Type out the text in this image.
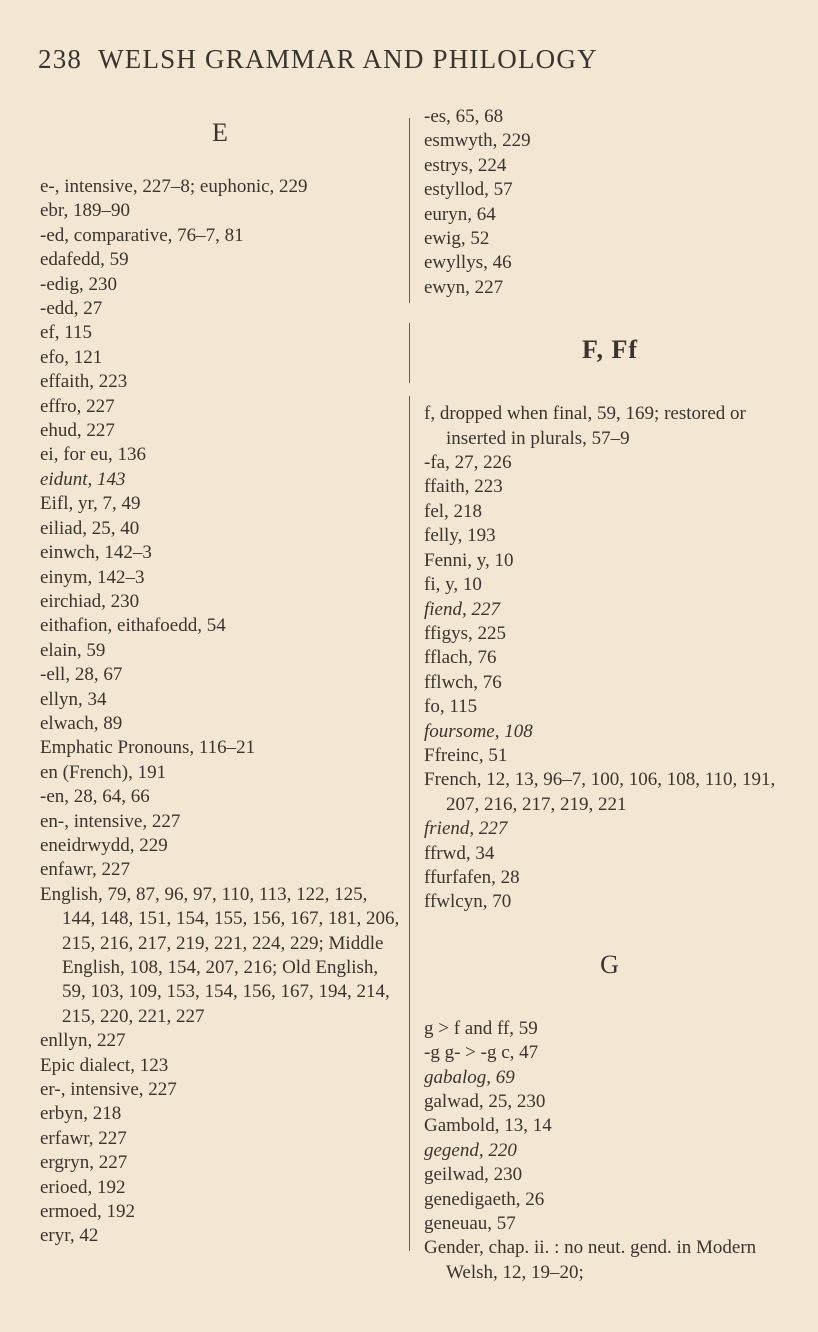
238 WELSH GRAMMAR AND PHILOLOGY
E
e-, intensive, 227–8; euphonic, 229
ebr, 189–90
-ed, comparative, 76–7, 81
edafedd, 59
-edig, 230
-edd, 27
ef, 115
efo, 121
effaith, 223
effro, 227
ehud, 227
ei, for eu, 136
eidunt, 143
Eifl, yr, 7, 49
eiliad, 25, 40
einwch, 142–3
einym, 142–3
eirchiad, 230
eithafion, eithafoedd, 54
elain, 59
-ell, 28, 67
ellyn, 34
elwach, 89
Emphatic Pronouns, 116–21
en (French), 191
-en, 28, 64, 66
en-, intensive, 227
eneidrwydd, 229
enfawr, 227
English, 79, 87, 96, 97, 110, 113, 122, 125, 144, 148, 151, 154, 155, 156, 167, 181, 206, 215, 216, 217, 219, 221, 224, 229; Middle English, 108, 154, 207, 216; Old English, 59, 103, 109, 153, 154, 156, 167, 194, 214, 215, 220, 221, 227
enllyn, 227
Epic dialect, 123
er-, intensive, 227
erbyn, 218
erfawr, 227
ergryn, 227
erioed, 192
ermoed, 192
eryr, 42
-es, 65, 68
esmwyth, 229
estrys, 224
estyllod, 57
euryn, 64
ewig, 52
ewyllys, 46
ewyn, 227
F, Ff
f, dropped when final, 59, 169; restored or inserted in plurals, 57–9
-fa, 27, 226
ffaith, 223
fel, 218
felly, 193
Fenni, y, 10
fi, y, 10
fiend, 227
ffigys, 225
fflach, 76
fflwch, 76
fo, 115
foursome, 108
Ffreinc, 51
French, 12, 13, 96–7, 100, 106, 108, 110, 191, 207, 216, 217, 219, 221
friend, 227
ffrwd, 34
ffurfafen, 28
ffwlcyn, 70
G
g > f and ff, 59
-g g- > -g c, 47
gabalog, 69
galwad, 25, 230
Gambold, 13, 14
gegend, 220
geilwad, 230
genedigaeth, 26
geneuau, 57
Gender, chap. ii. : no neut. gend. in Modern Welsh, 12, 19–20;
